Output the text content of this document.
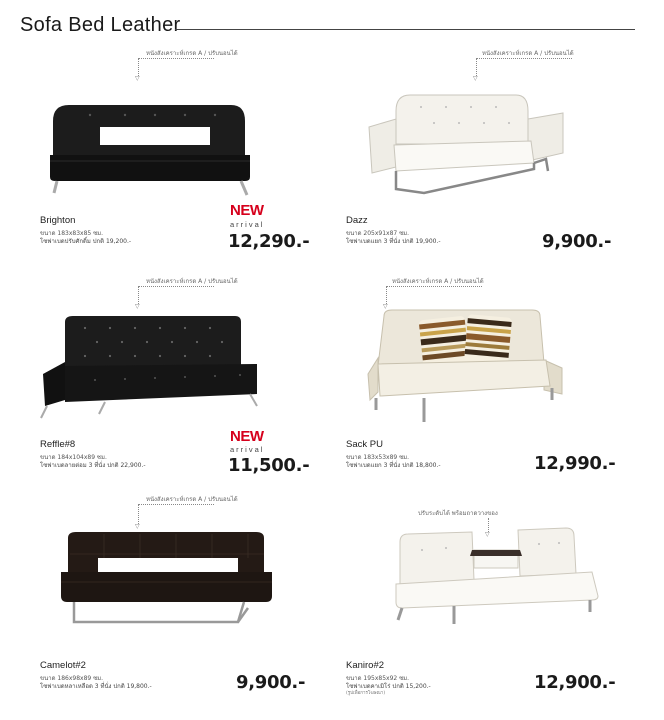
Sofa Bed Leather
หนังสังเคราะห์เกรด A / ปรับนอนได้
▽
Brighton
ขนาด 183x83x85 ซม.
โซฟาเบดปรับศักดิ์ม ปกติ 19,200.-
NEW
arrival
12,290.-
หนังสังเคราะห์เกรด A / ปรับนอนได้
▽
Dazz
ขนาด 205x91x87 ซม.
โซฟาเบดแยก 3 ที่นั่ง ปกติ 19,900.-	9,900.-
หนังสังเคราะห์เกรด A / ปรับนอนได้
▽
Reffle#8
ขนาด 184x104x89 ซม.
โซฟาเบดลายต่อม 3 ที่นั่ง ปกติ 22,900.-
NEW
arrival
11,500.-
หนังสังเคราะห์เกรด A / ปรับนอนได้
▽
Sack PU
ขนาด 183x53x89 ซม.
โซฟาเบดแยก 3 ที่นั่ง ปกติ 18,800.-	12,990.-
หนังสังเคราะห์เกรด A / ปรับนอนได้
▽
Camelot#2
ขนาด 186x98x89 ซม.
โซฟาเบดหลาเหลือด 3 ที่นั่ง ปกติ 19,800.-	9,900.-
ปรับระดับได้ พร้อมถาดวางของ
▽
Kaniro#2
ขนาด 195x85x92 ซม.
โซฟาเบดคาเมิโร่ ปกติ 15,200.-
(รูปเพื่อการโฆษณา)
12,900.-
